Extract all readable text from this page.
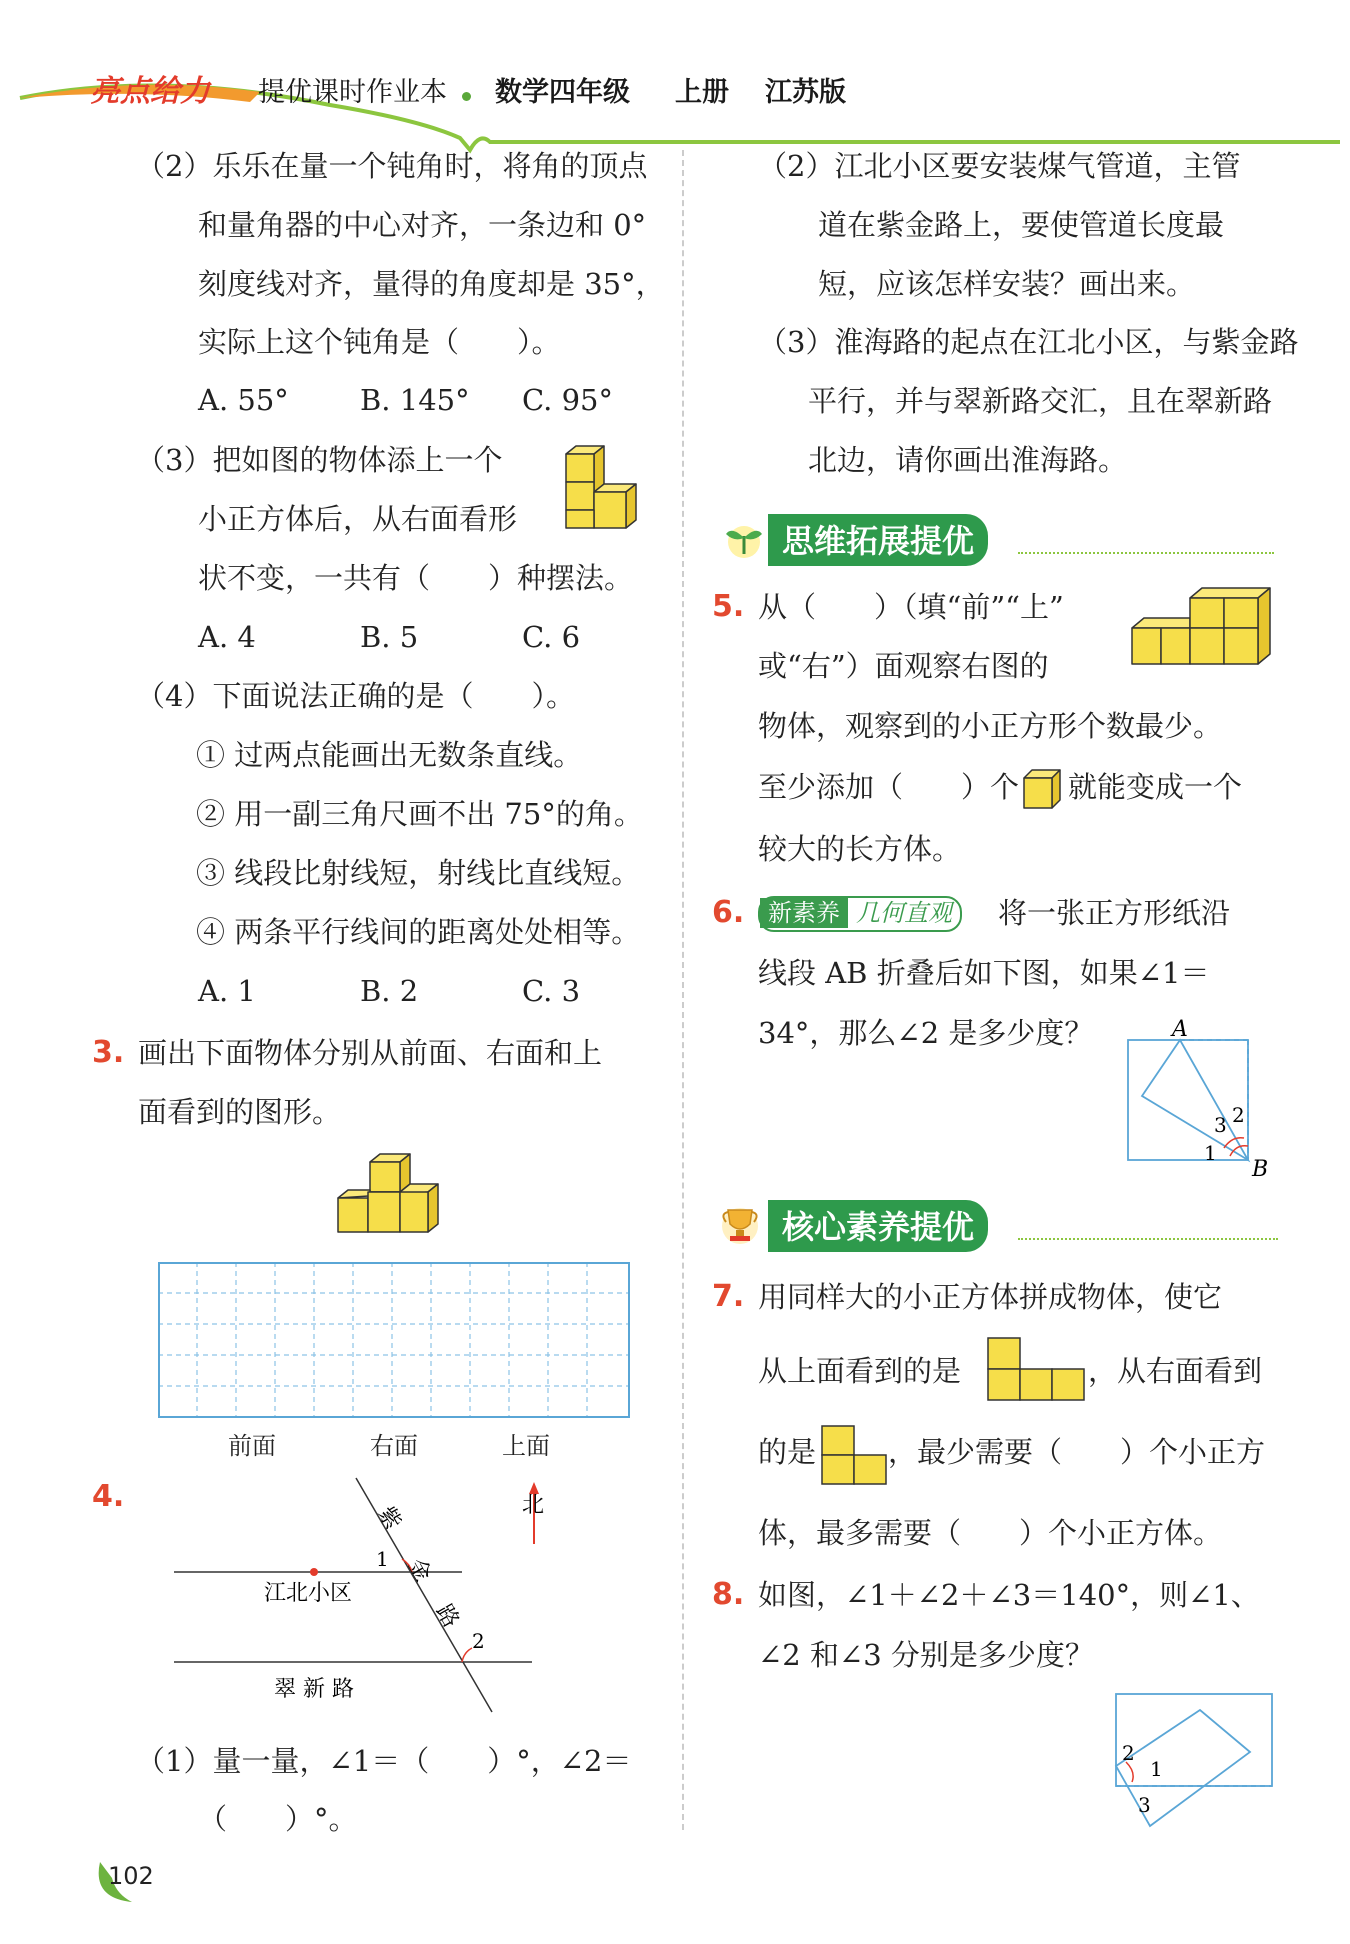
亮点给力 提优课时作业本 数学四年级 上册 江苏版
（2）乐乐在量一个钝角时，将角的顶点
和量角器的中心对齐，一条边和 0°
刻度线对齐，量得的角度却是 35°，
实际上这个钝角是（　　）。
A. 55° B. 145° C. 95°
（3）把如图的物体添上一个
小正方体后，从右面看形
状不变，一共有（　　）种摆法。
A. 4	B. 5	C. 6
（4）下面说法正确的是（　　）。
① 过两点能画出无数条直线。
② 用一副三角尺画不出 75°的角。
③ 线段比射线短，射线比直线短。
④ 两条平行线间的距离处处相等。
A. 1	B. 2	C. 3
3. 画出下面物体分别从前面、右面和上
面看到的图形。
前面	右面	上面
4.
紫
金
路
江北小区
翠 新 路
北
1
2
（1）量一量，∠1＝（　　）°，∠2＝
（　　）°。
（2）江北小区要安装煤气管道，主管
道在紫金路上，要使管道长度最
短，应该怎样安装？画出来。
（3）淮海路的起点在江北小区，与紫金路
平行，并与翠新路交汇，且在翠新路
北边，请你画出淮海路。
思维拓展提优
5. 从（　　）（填“前”“上”
或“右”）面观察右图的
物体，观察到的小正方形个数最少。
至少添加（　　）个 就能变成一个
较大的长方体。
6. 新素养 几何直观	将一张正方形纸沿
线段 AB 折叠后如下图，如果∠1＝
34°，那么∠2 是多少度？	A
B
1
2
3
核心素养提优
7. 用同样大的小正方体拼成物体，使它
从上面看到的是	，从右面看到
的是 ，最少需要（　　）个小正方
体，最多需要（　　）个小正方体。
8. 如图，∠1＋∠2＋∠3＝140°，则∠1、
∠2 和∠3 分别是多少度？
2
1
3
102
